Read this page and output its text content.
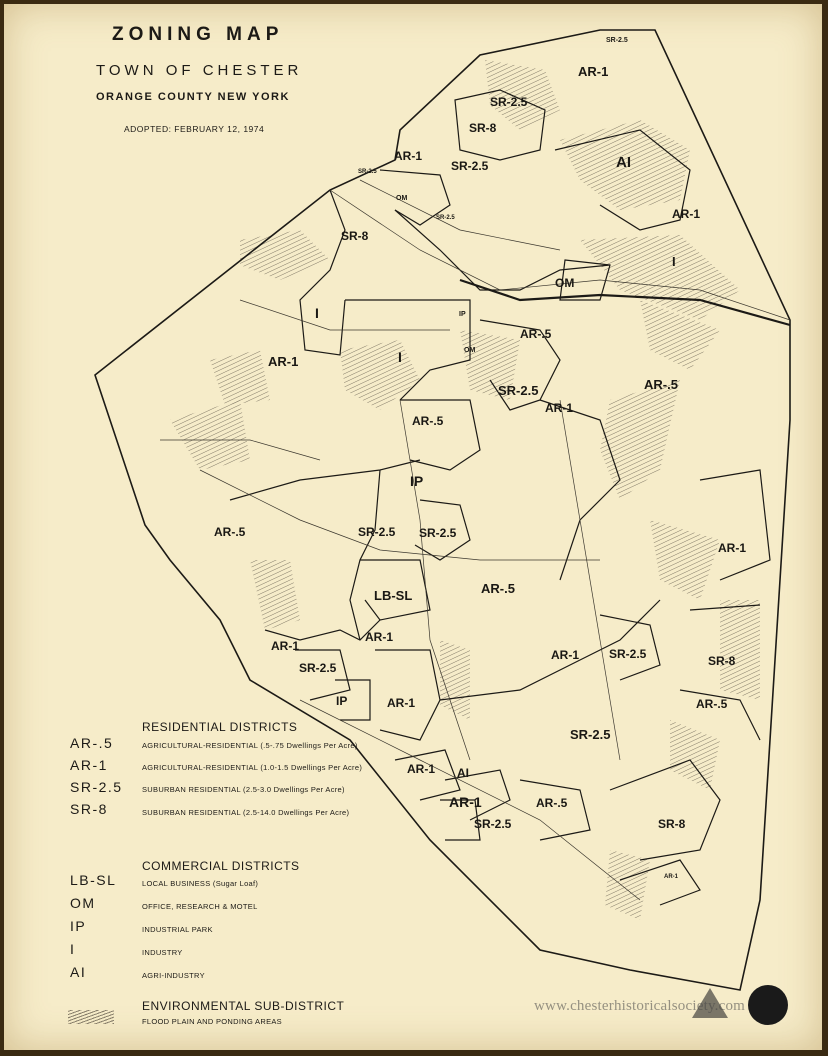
ZONING MAP
TOWN OF CHESTER
ORANGE COUNTY NEW YORK
ADOPTED: FEBRUARY 12, 1974
SR-2.5
AR-1
SR-2.5
SR-8
AR-1
SR-2.5	AI
SR-2.5
OM
SR-2.5	AR-1
SR-8
I
OM
IP
OM
I
AR-1	I
AR-.5
SR-2.5	AR-.5
AR-1
AR-.5
IP
SR-2.5 SR-2.5
AR-.5
AR-1
LB-SL	AR-.5
AR-1
AR-1
SR-2.5
AR-1
SR-2.5	SR-8
IP	AR-1	AR-.5
SR-2.5
AR-1 AI
AR-1	AR-.5
SR-2.5	SR-8
AR-1
RESIDENTIAL DISTRICTS
AR-.5	AGRICULTURAL-RESIDENTIAL (.5-.75 Dwellings Per Acre)
AR-1	AGRICULTURAL-RESIDENTIAL (1.0-1.5 Dwellings Per Acre)
SR-2.5	SUBURBAN RESIDENTIAL (2.5-3.0 Dwellings Per Acre)
SR-8	SUBURBAN RESIDENTIAL (2.5-14.0 Dwellings Per Acre)
COMMERCIAL DISTRICTS
LB-SL	LOCAL BUSINESS (Sugar Loaf)
OM	OFFICE, RESEARCH & MOTEL
IP	INDUSTRIAL PARK
I	INDUSTRY
AI	AGRI-INDUSTRY
ENVIRONMENTAL SUB-DISTRICT
FLOOD PLAIN AND PONDING AREAS
www.chesterhistoricalsociety.com
